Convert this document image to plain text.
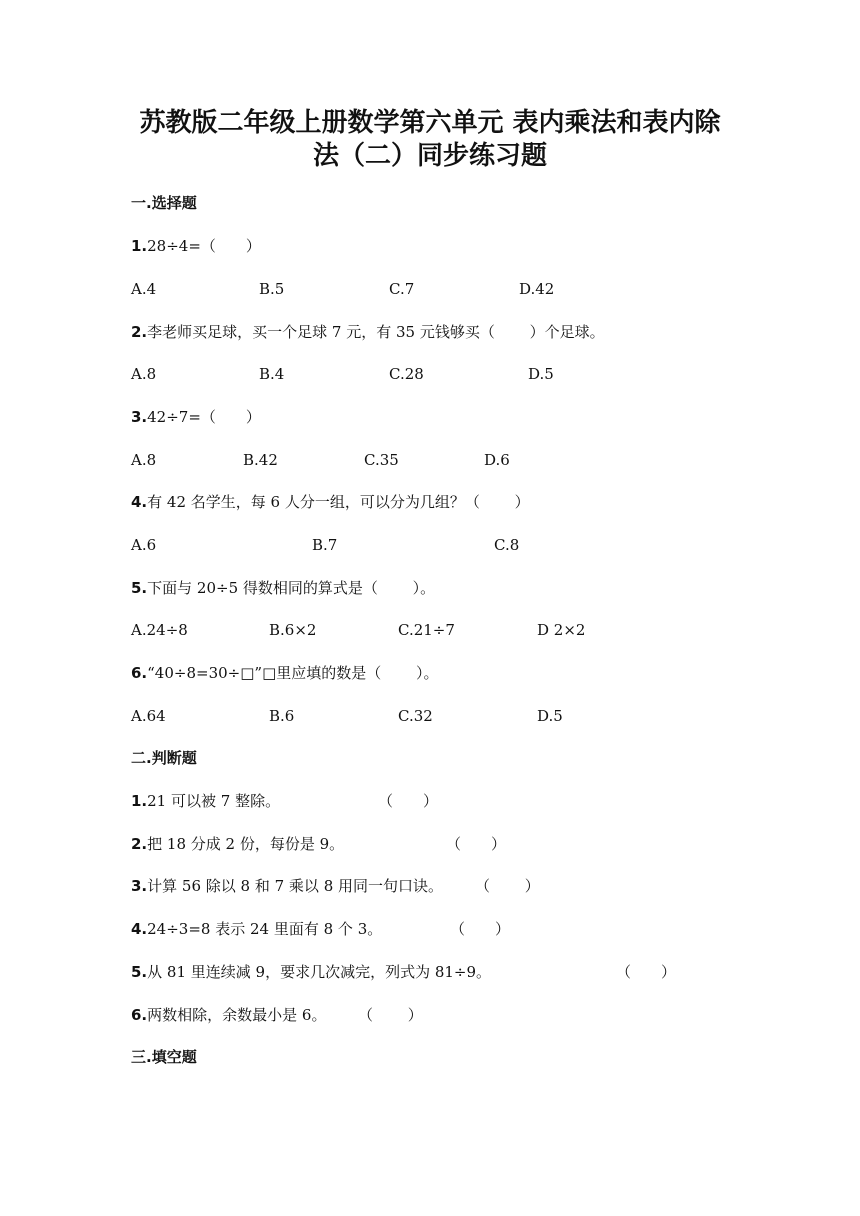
苏教版二年级上册数学第六单元 表内乘法和表内除
法（二）同步练习题
一.选择题
1.28÷4=（　　）
A.4	B.5	C.7	D.42
2.李老师买足球，买一个足球 7 元，有 35 元钱够买（　　 ）个足球。
A.8	B.4	C.28	D.5
3.42÷7=（　　）
A.8	B.42	C.35	D.6
4.有 42 名学生，每 6 人分一组，可以分为几组？（　　 ）
A.6	B.7	C.8
5.下面与 20÷5 得数相同的算式是（　　 ）。
A.24÷8	B.6×2	C.21÷7	D 2×2
6.“40÷8=30÷□”□里应填的数是（　　 ）。
A.64	B.6	C.32	D.5
二.判断题
1.21 可以被 7 整除。	（　　）
2.把 18 分成 2 份，每份是 9。	（　　）
3.计算 56 除以 8 和 7 乘以 8 用同一句口诀。 （　　 ）
4.24÷3=8 表示 24 里面有 8 个 3。	（　　）
5.从 81 里连续减 9，要求几次减完，列式为 81÷9。	（　　）
6.两数相除，余数最小是 6。 （　　 ）
三.填空题
